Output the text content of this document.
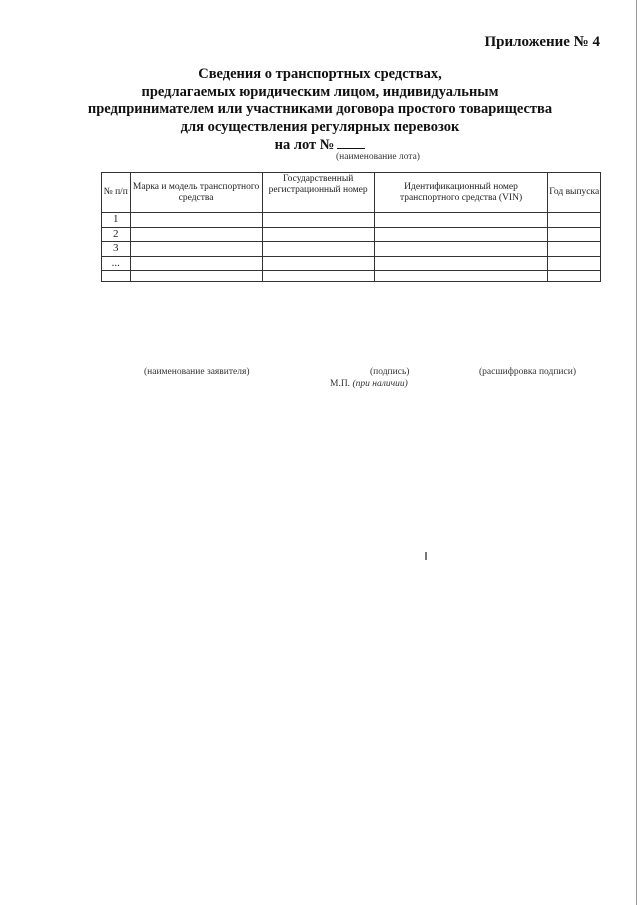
Приложение № 4
Сведения о транспортных средствах,
предлагаемых юридическим лицом, индивидуальным
предпринимателем или участниками договора простого товарищества
для осуществления регулярных перевозок
на лот №
(наименование лота)
№ п/п	Марка и модель транспортного средства	Государственный регистрационный номер	Идентификационный номер транспортного средства (VIN)	Год выпуска
1				
2				
3				
...				

(наименование заявителя)	(подпись)	(расшифровка подписи)
М.П. (при наличии)
